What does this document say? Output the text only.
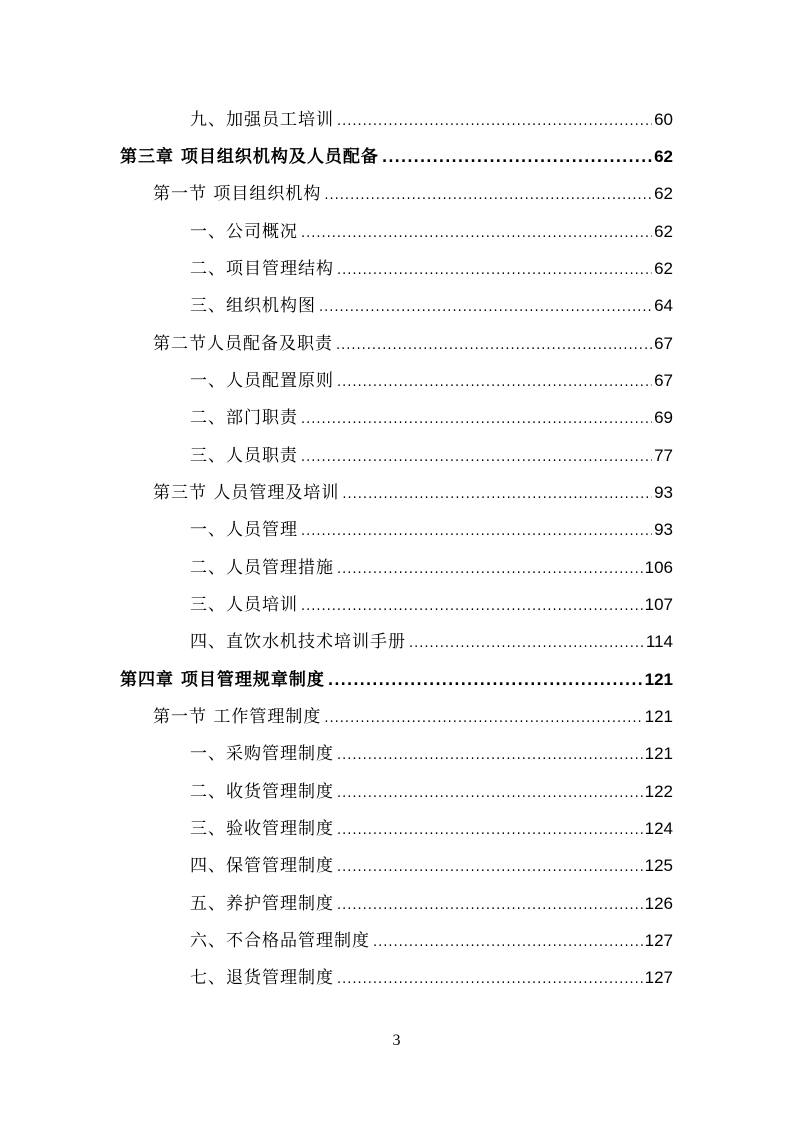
九、加强员工培训 .....	60
第三章 项目组织机构及人员配备 .....	62
第一节 项目组织机构 .....	62
一、公司概况 .....	62
二、项目管理结构 .....	62
三、组织机构图 .....	64
第二节人员配备及职责 .....	67
一、人员配置原则 .....	67
二、部门职责 .....	69
三、人员职责 .....	77
第三节 人员管理及培训 .....	93
一、人员管理 .....	93
二、人员管理措施 .....	106
三、人员培训 .....	107
四、直饮水机技术培训手册 .....	114
第四章 项目管理规章制度 .....	121
第一节 工作管理制度 .....	121
一、采购管理制度 .....	121
二、收货管理制度 .....	122
三、验收管理制度 .....	124
四、保管管理制度 .....	125
五、养护管理制度 .....	126
六、不合格品管理制度 .....	127
七、退货管理制度 .....	127
3
